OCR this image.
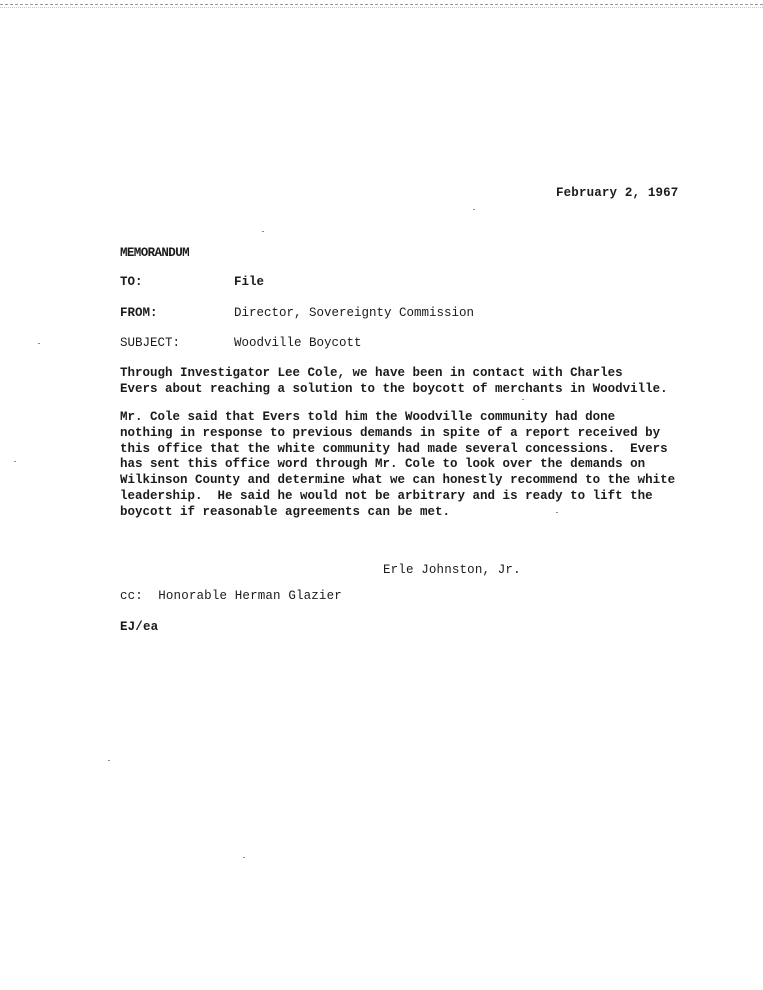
February 2, 1967
MEMORANDUM
TO:	File
FROM:	Director, Sovereignty Commission
SUBJECT:	Woodville Boycott
Through Investigator Lee Cole, we have been in contact with Charles
Evers about reaching a solution to the boycott of merchants in Woodville.
Mr. Cole said that Evers told him the Woodville community had done
nothing in response to previous demands in spite of a report received by
this office that the white community had made several concessions.  Evers
has sent this office word through Mr. Cole to look over the demands on
Wilkinson County and determine what we can honestly recommend to the white
leadership.  He said he would not be arbitrary and is ready to lift the
boycott if reasonable agreements can be met.
Erle Johnston, Jr.
cc:  Honorable Herman Glazier
EJ/ea
